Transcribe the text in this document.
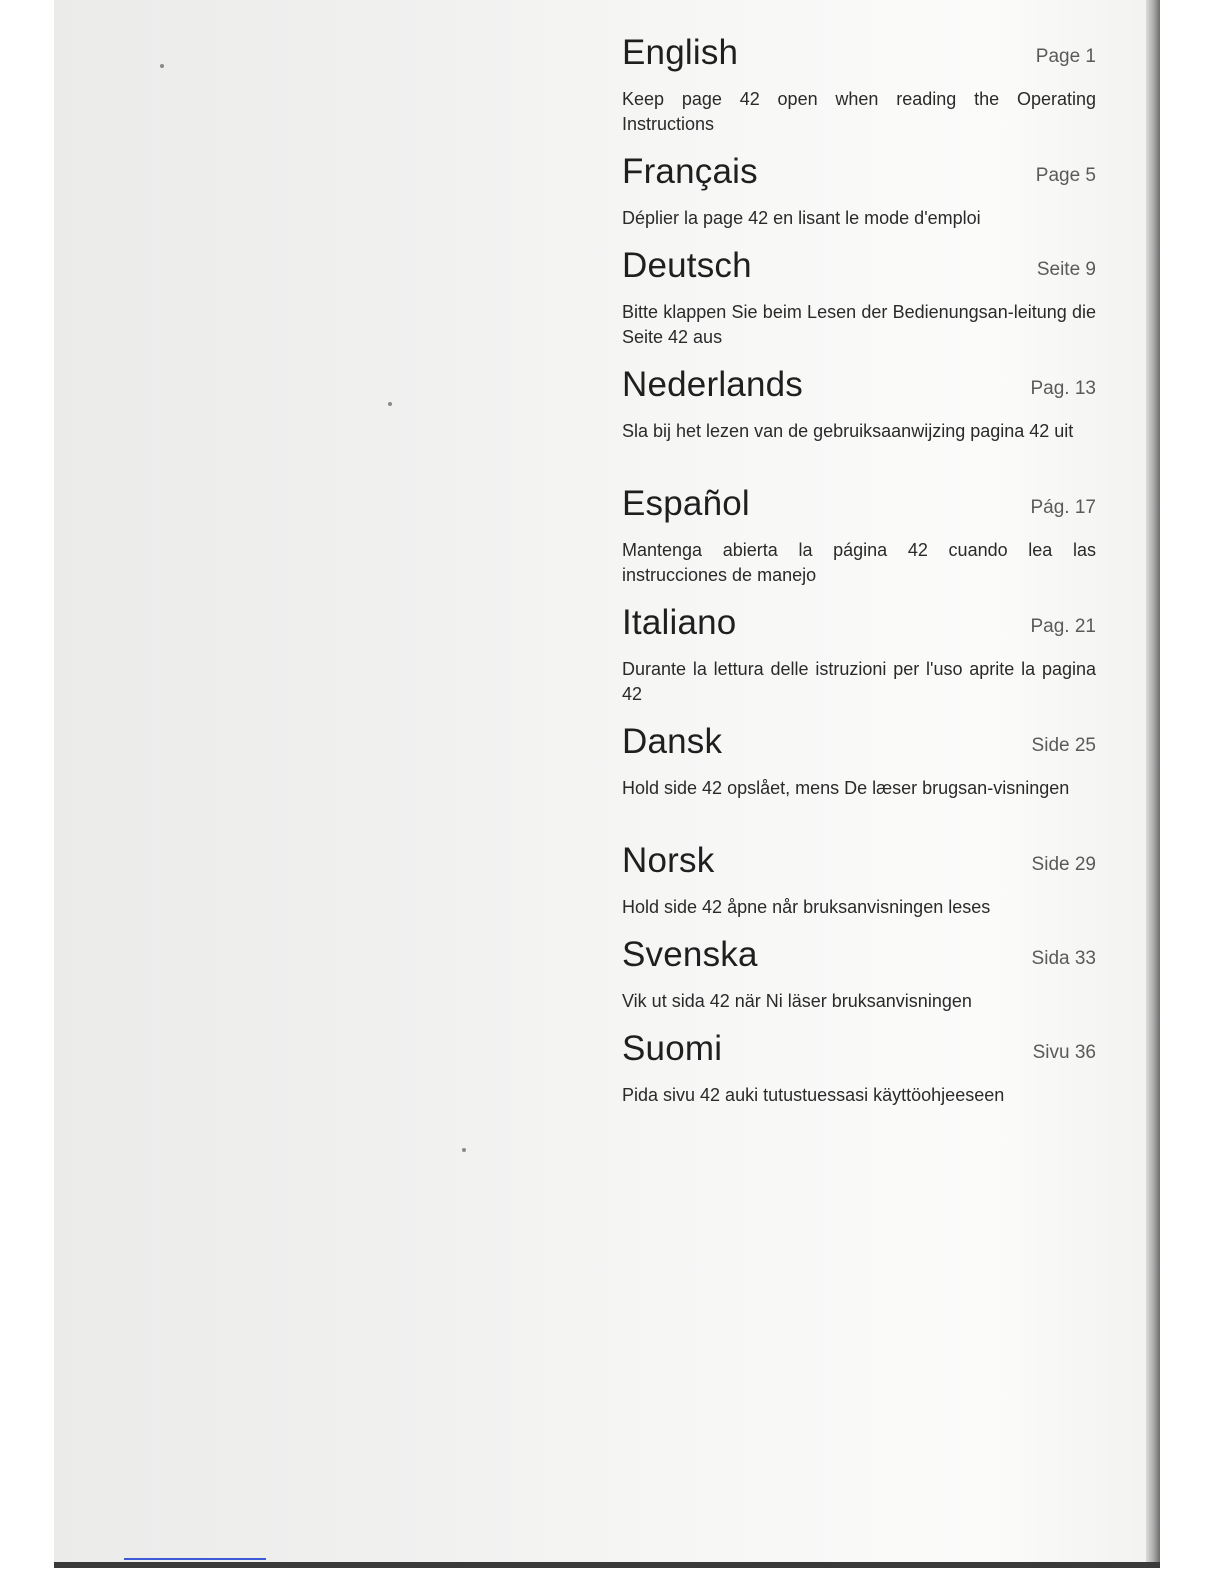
English	Page 1
Keep page 42 open when reading the Operating Instructions
Français	Page 5
Déplier la page 42 en lisant le mode d'emploi
Deutsch	Seite 9
Bitte klappen Sie beim Lesen der Bedienungsan-leitung die Seite 42 aus
Nederlands	Pag. 13
Sla bij het lezen van de gebruiksaanwijzing pagina 42 uit
Español	Pág. 17
Mantenga abierta la página 42 cuando lea las instrucciones de manejo
Italiano	Pag. 21
Durante la lettura delle istruzioni per l'uso aprite la pagina 42
Dansk	Side 25
Hold side 42 opslået, mens De læser brugsan-visningen
Norsk	Side 29
Hold side 42 åpne når bruksanvisningen leses
Svenska	Sida 33
Vik ut sida 42 när Ni läser bruksanvisningen
Suomi	Sivu 36
Pida sivu 42 auki tutustuessasi käyttöohjeeseen
